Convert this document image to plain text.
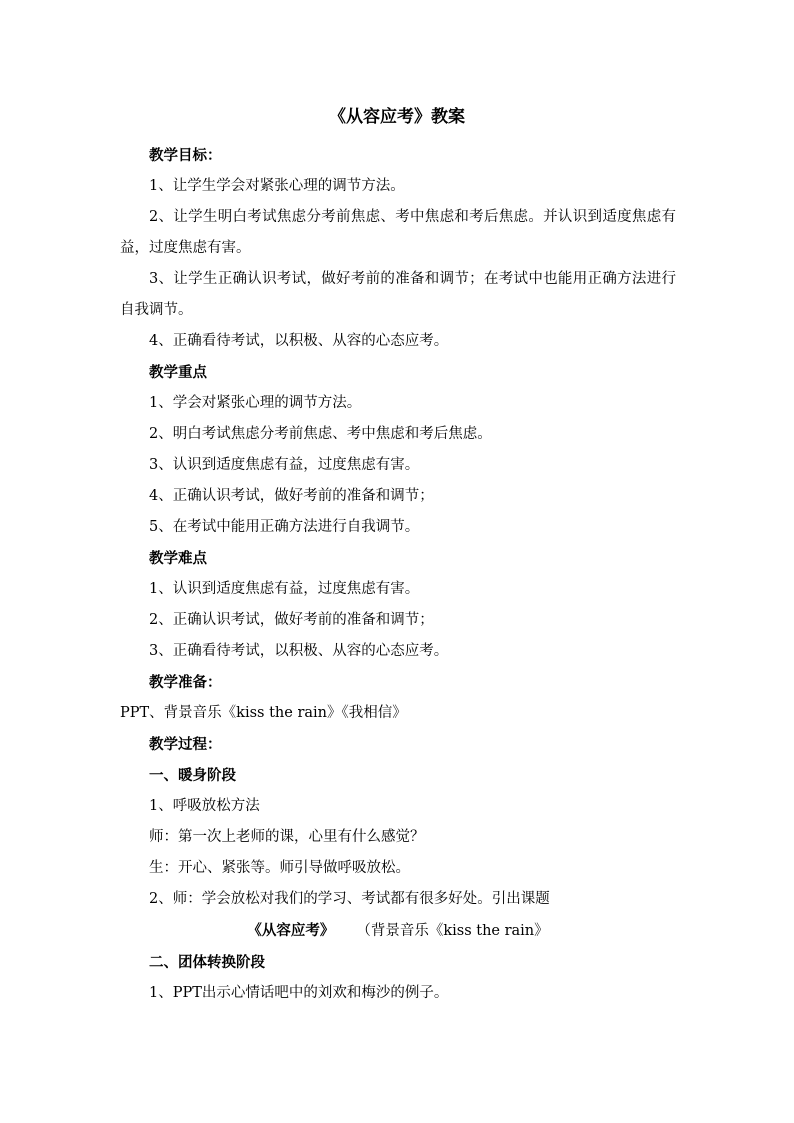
《从容应考》教案

教学目标：

1、让学生学会对紧张心理的调节方法。

2、让学生明白考试焦虑分考前焦虑、考中焦虑和考后焦虑。并认识到适度焦虑有益，过度焦虑有害。

3、让学生正确认识考试，做好考前的准备和调节；在考试中也能用正确方法进行自我调节。

4、正确看待考试，以积极、从容的心态应考。

教学重点

1、学会对紧张心理的调节方法。

2、明白考试焦虑分考前焦虑、考中焦虑和考后焦虑。

3、认识到适度焦虑有益，过度焦虑有害。

4、正确认识考试，做好考前的准备和调节；

5、在考试中能用正确方法进行自我调节。

教学难点

1、认识到适度焦虑有益，过度焦虑有害。

2、正确认识考试，做好考前的准备和调节；

3、正确看待考试，以积极、从容的心态应考。

教学准备：

PPT、背景音乐《kiss the rain》《我相信》

教学过程：

一、暖身阶段

1、呼吸放松方法

师：第一次上老师的课，心里有什么感觉？

生：开心、紧张等。师引导做呼吸放松。

2、师：学会放松对我们的学习、考试都有很多好处。引出课题

《从容应考》 （背景音乐《kiss the rain》

二、团体转换阶段

1、PPT出示心情话吧中的刘欢和梅沙的例子。
